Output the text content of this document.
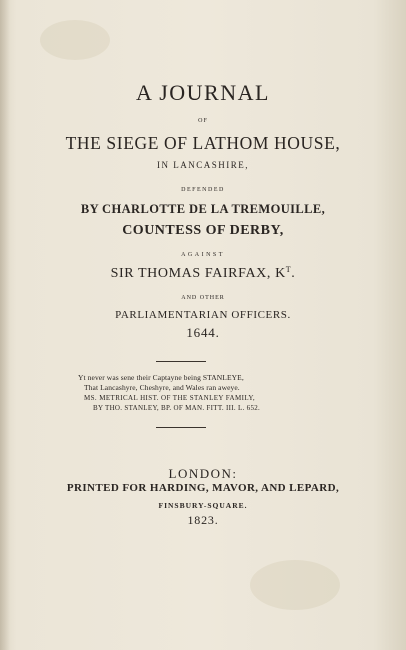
A JOURNAL
OF
THE SIEGE OF LATHOM HOUSE,
IN LANCASHIRE,
DEFENDED
BY CHARLOTTE DE LA TREMOUILLE,
COUNTESS OF DERBY,
AGAINST
SIR THOMAS FAIRFAX, $K^T$.
AND OTHER
PARLIAMENTARIAN OFFICERS.
1644.
Yt never was sene their Captayne being STANLEYE,
That Lancashyre, Cheshyre, and Wales ran aweye.
MS. METRICAL HIST. OF THE STANLEY FAMILY,
BY THO. STANLEY, BP. OF MAN. FITT. III. L. 652.
LONDON:
PRINTED FOR HARDING, MAVOR, AND LEPARD,
FINSBURY-SQUARE.
1823.
